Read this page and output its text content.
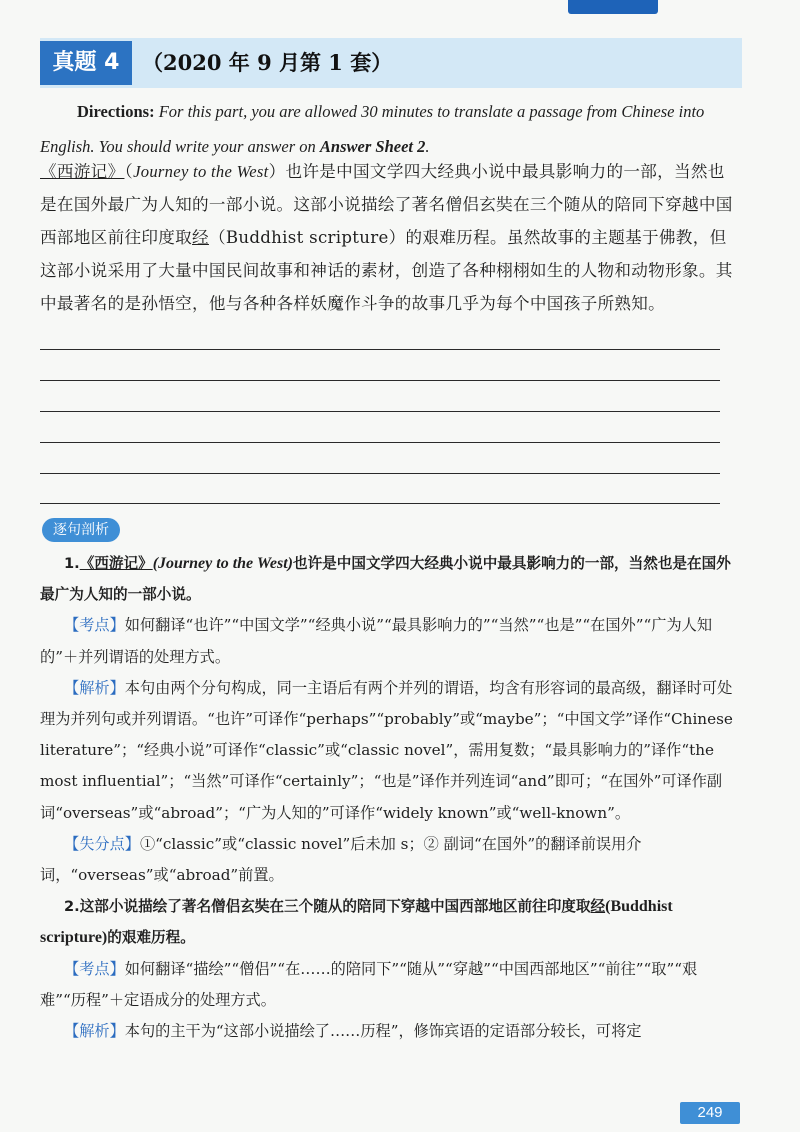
真题 4	（2020 年 9 月第 1 套）
Directions: For this part, you are allowed 30 minutes to translate a passage from Chinese into English. You should write your answer on Answer Sheet 2.
《西游记》（Journey to the West）也许是中国文学四大经典小说中最具影响力的一部，当然也是在国外最广为人知的一部小说。这部小说描绘了著名僧侣玄奘在三个随从的陪同下穿越中国西部地区前往印度取经（Buddhist scripture）的艰难历程。虽然故事的主题基于佛教，但这部小说采用了大量中国民间故事和神话的素材，创造了各种栩栩如生的人物和动物形象。其中最著名的是孙悟空，他与各种各样妖魔作斗争的故事几乎为每个中国孩子所熟知。
逐句剖析

1.《西游记》(Journey to the West)也许是中国文学四大经典小说中最具影响力的一部，当然也是在国外最广为人知的一部小说。

【考点】如何翻译“也许”“中国文学”“经典小说”“最具影响力的”“当然”“也是”“在国外”“广为人知的”＋并列谓语的处理方式。

【解析】本句由两个分句构成，同一主语后有两个并列的谓语，均含有形容词的最高级，翻译时可处理为并列句或并列谓语。“也许”可译作“perhaps”“probably”或“maybe”；“中国文学”译作“Chinese literature”；“经典小说”可译作“classic”或“classic novel”，需用复数；“最具影响力的”译作“the most influential”；“当然”可译作“certainly”；“也是”译作并列连词“and”即可；“在国外”可译作副词“overseas”或“abroad”；“广为人知的”可译作“widely known”或“well-known”。

【失分点】①“classic”或“classic novel”后未加 s；② 副词“在国外”的翻译前误用介词，“overseas”或“abroad”前置。

2.这部小说描绘了著名僧侣玄奘在三个随从的陪同下穿越中国西部地区前往印度取经(Buddhist scripture)的艰难历程。

【考点】如何翻译“描绘”“僧侣”“在……的陪同下”“随从”“穿越”“中国西部地区”“前往”“取”“艰难”“历程”＋定语成分的处理方式。

【解析】本句的主干为“这部小说描绘了……历程”，修饰宾语的定语部分较长，可将定

249
